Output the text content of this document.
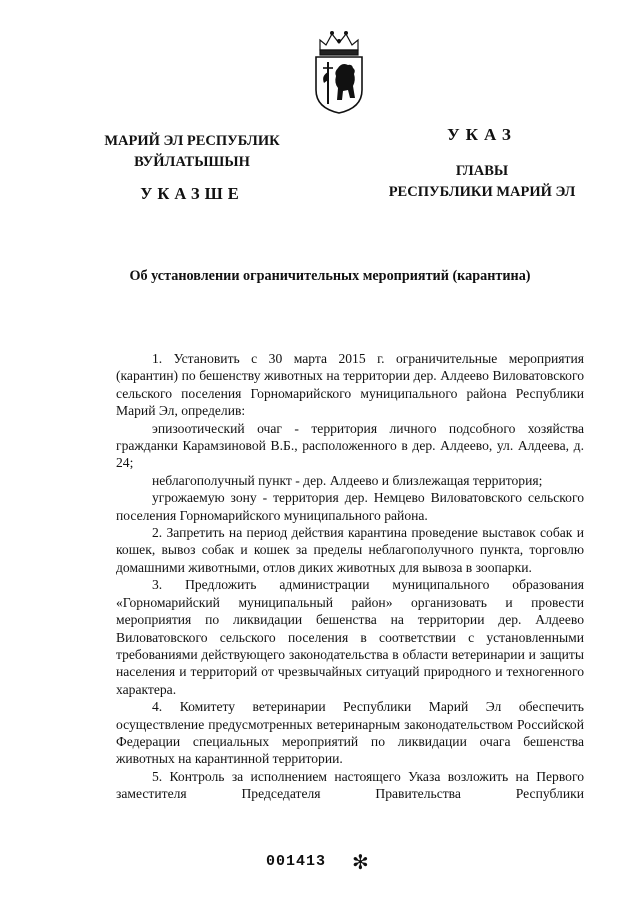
МАРИЙ ЭЛ РЕСПУБЛИК
ВУЙЛАТЫШЫН
УКАЗШЕ
УКАЗ
ГЛАВЫ
РЕСПУБЛИКИ МАРИЙ ЭЛ
Об установлении ограничительных мероприятий (карантина)

1. Установить с 30 марта 2015 г. ограничительные мероприятия (карантин) по бешенству животных на территории дер. Алдеево Виловатовского сельского поселения Горномарийского муниципального района Республики Марий Эл, определив:

эпизоотический очаг - территория личного подсобного хозяйства гражданки Карамзиновой В.Б., расположенного в дер. Алдеево, ул. Алдеева, д. 24;

неблагополучный пункт - дер. Алдеево и близлежащая территория;

угрожаемую зону - территория дер. Немцево Виловатовского сельского поселения Горномарийского муниципального района.

2. Запретить на период действия карантина проведение выставок собак и кошек, вывоз собак и кошек за пределы неблагополучного пункта, торговлю домашними животными, отлов диких животных для вывоза в зоопарки.

3. Предложить администрации муниципального образования «Горномарийский муниципальный район» организовать и провести мероприятия по ликвидации бешенства на территории дер. Алдеево Виловатовского сельского поселения в соответствии с установленными требованиями действующего законодательства в области ветеринарии и защиты населения и территорий от чрезвычайных ситуаций природного и техногенного характера.

4. Комитету ветеринарии Республики Марий Эл обеспечить осуществление предусмотренных ветеринарным законодательством Российской Федерации специальных мероприятий по ликвидации очага бешенства животных на карантинной территории.

5. Контроль за исполнением настоящего Указа возложить на Первого заместителя Председателя Правительства Республики

001413 ✻
